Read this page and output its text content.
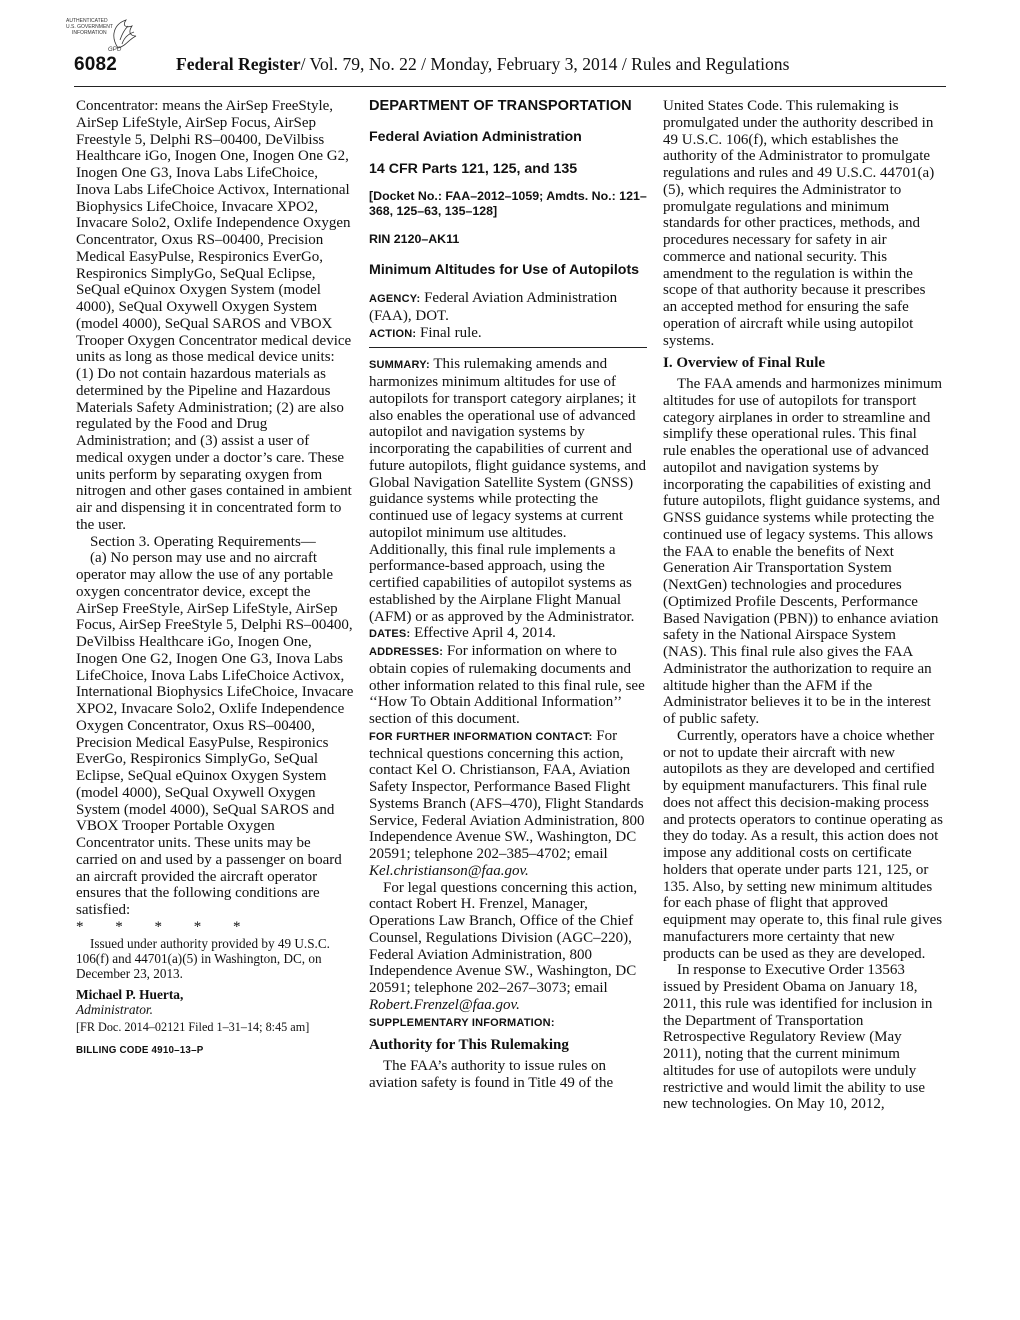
AUTHENTICATED
U.S. GOVERNMENT
INFORMATION
GPO
6082	Federal Register/ Vol. 79, No. 22 / Monday, February 3, 2014 / Rules and Regulations

Concentrator: means the AirSep FreeStyle, AirSep LifeStyle, AirSep Focus, AirSep Freestyle 5, Delphi RS–00400, DeVilbiss Healthcare iGo, Inogen One, Inogen One G2, Inogen One G3, Inova Labs LifeChoice, Inova Labs LifeChoice Activox, International Biophysics LifeChoice, Invacare XPO2, Invacare Solo2, Oxlife Independence Oxygen Concentrator, Oxus RS–00400, Precision Medical EasyPulse, Respironics EverGo, Respironics SimplyGo, SeQual Eclipse, SeQual eQuinox Oxygen System (model 4000), SeQual Oxywell Oxygen System (model 4000), SeQual SAROS and VBOX Trooper Oxygen Concentrator medical device units as long as those medical device units: (1) Do not contain hazardous materials as determined by the Pipeline and Hazardous Materials Safety Administration; (2) are also regulated by the Food and Drug Administration; and (3) assist a user of medical oxygen under a doctor’s care. These units perform by separating oxygen from nitrogen and other gases contained in ambient air and dispensing it in concentrated form to the user.

Section 3. Operating Requirements—

(a) No person may use and no aircraft operator may allow the use of any portable oxygen concentrator device, except the AirSep FreeStyle, AirSep LifeStyle, AirSep Focus, AirSep FreeStyle 5, Delphi RS–00400, DeVilbiss Healthcare iGo, Inogen One, Inogen One G2, Inogen One G3, Inova Labs LifeChoice, Inova Labs LifeChoice Activox, International Biophysics LifeChoice, Invacare XPO2, Invacare Solo2, Oxlife Independence Oxygen Concentrator, Oxus RS–00400, Precision Medical EasyPulse, Respironics EverGo, Respironics SimplyGo, SeQual Eclipse, SeQual eQuinox Oxygen System (model 4000), SeQual Oxywell Oxygen System (model 4000), SeQual SAROS and VBOX Trooper Portable Oxygen Concentrator units. These units may be carried on and used by a passenger on board an aircraft provided the aircraft operator ensures that the following conditions are satisfied:

* * * * *

Issued under authority provided by 49 U.S.C. 106(f) and 44701(a)(5) in Washington, DC, on December 23, 2013.

Michael P. Huerta,
Administrator.
[FR Doc. 2014–02121 Filed 1–31–14; 8:45 am]
BILLING CODE 4910–13–P
DEPARTMENT OF TRANSPORTATION
Federal Aviation Administration
14 CFR Parts 121, 125, and 135
[Docket No.: FAA–2012–1059; Amdts. No.: 121–368, 125–63, 135–128]
RIN 2120–AK11
Minimum Altitudes for Use of Autopilots

AGENCY: Federal Aviation Administration (FAA), DOT.

ACTION: Final rule.

SUMMARY: This rulemaking amends and harmonizes minimum altitudes for use of autopilots for transport category airplanes; it also enables the operational use of advanced autopilot and navigation systems by incorporating the capabilities of current and future autopilots, flight guidance systems, and Global Navigation Satellite System (GNSS) guidance systems while protecting the continued use of legacy systems at current autopilot minimum use altitudes. Additionally, this final rule implements a performance-based approach, using the certified capabilities of autopilot systems as established by the Airplane Flight Manual (AFM) or as approved by the Administrator.

DATES: Effective April 4, 2014.

ADDRESSES: For information on where to obtain copies of rulemaking documents and other information related to this final rule, see ‘‘How To Obtain Additional Information’’ section of this document.

FOR FURTHER INFORMATION CONTACT: For technical questions concerning this action, contact Kel O. Christianson, FAA, Aviation Safety Inspector, Performance Based Flight Systems Branch (AFS–470), Flight Standards Service, Federal Aviation Administration, 800 Independence Avenue SW., Washington, DC 20591; telephone 202–385–4702; email Kel.christianson@faa.gov.

For legal questions concerning this action, contact Robert H. Frenzel, Manager, Operations Law Branch, Office of the Chief Counsel, Regulations Division (AGC–220), Federal Aviation Administration, 800 Independence Avenue SW., Washington, DC 20591; telephone 202–267–3073; email Robert.Frenzel@faa.gov.

SUPPLEMENTARY INFORMATION:

Authority for This Rulemaking

The FAA’s authority to issue rules on aviation safety is found in Title 49 of the

United States Code. This rulemaking is promulgated under the authority described in 49 U.S.C. 106(f), which establishes the authority of the Administrator to promulgate regulations and rules and 49 U.S.C. 44701(a)(5), which requires the Administrator to promulgate regulations and minimum standards for other practices, methods, and procedures necessary for safety in air commerce and national security. This amendment to the regulation is within the scope of that authority because it prescribes an accepted method for ensuring the safe operation of aircraft while using autopilot systems.

I. Overview of Final Rule

The FAA amends and harmonizes minimum altitudes for use of autopilots for transport category airplanes in order to streamline and simplify these operational rules. This final rule enables the operational use of advanced autopilot and navigation systems by incorporating the capabilities of existing and future autopilots, flight guidance systems, and GNSS guidance systems while protecting the continued use of legacy systems. This allows the FAA to enable the benefits of Next Generation Air Transportation System (NextGen) technologies and procedures (Optimized Profile Descents, Performance Based Navigation (PBN)) to enhance aviation safety in the National Airspace System (NAS). This final rule also gives the FAA Administrator the authorization to require an altitude higher than the AFM if the Administrator believes it to be in the interest of public safety.

Currently, operators have a choice whether or not to update their aircraft with new autopilots as they are developed and certified by equipment manufacturers. This final rule does not affect this decision-making process and protects operators to continue operating as they do today. As a result, this action does not impose any additional costs on certificate holders that operate under parts 121, 125, or 135. Also, by setting new minimum altitudes for each phase of flight that approved equipment may operate to, this final rule gives manufacturers more certainty that new products can be used as they are developed.

In response to Executive Order 13563 issued by President Obama on January 18, 2011, this rule was identified for inclusion in the Department of Transportation Retrospective Regulatory Review (May 2011), noting that the current minimum altitudes for use of autopilots were unduly restrictive and would limit the ability to use new technologies. On May 10, 2012,
